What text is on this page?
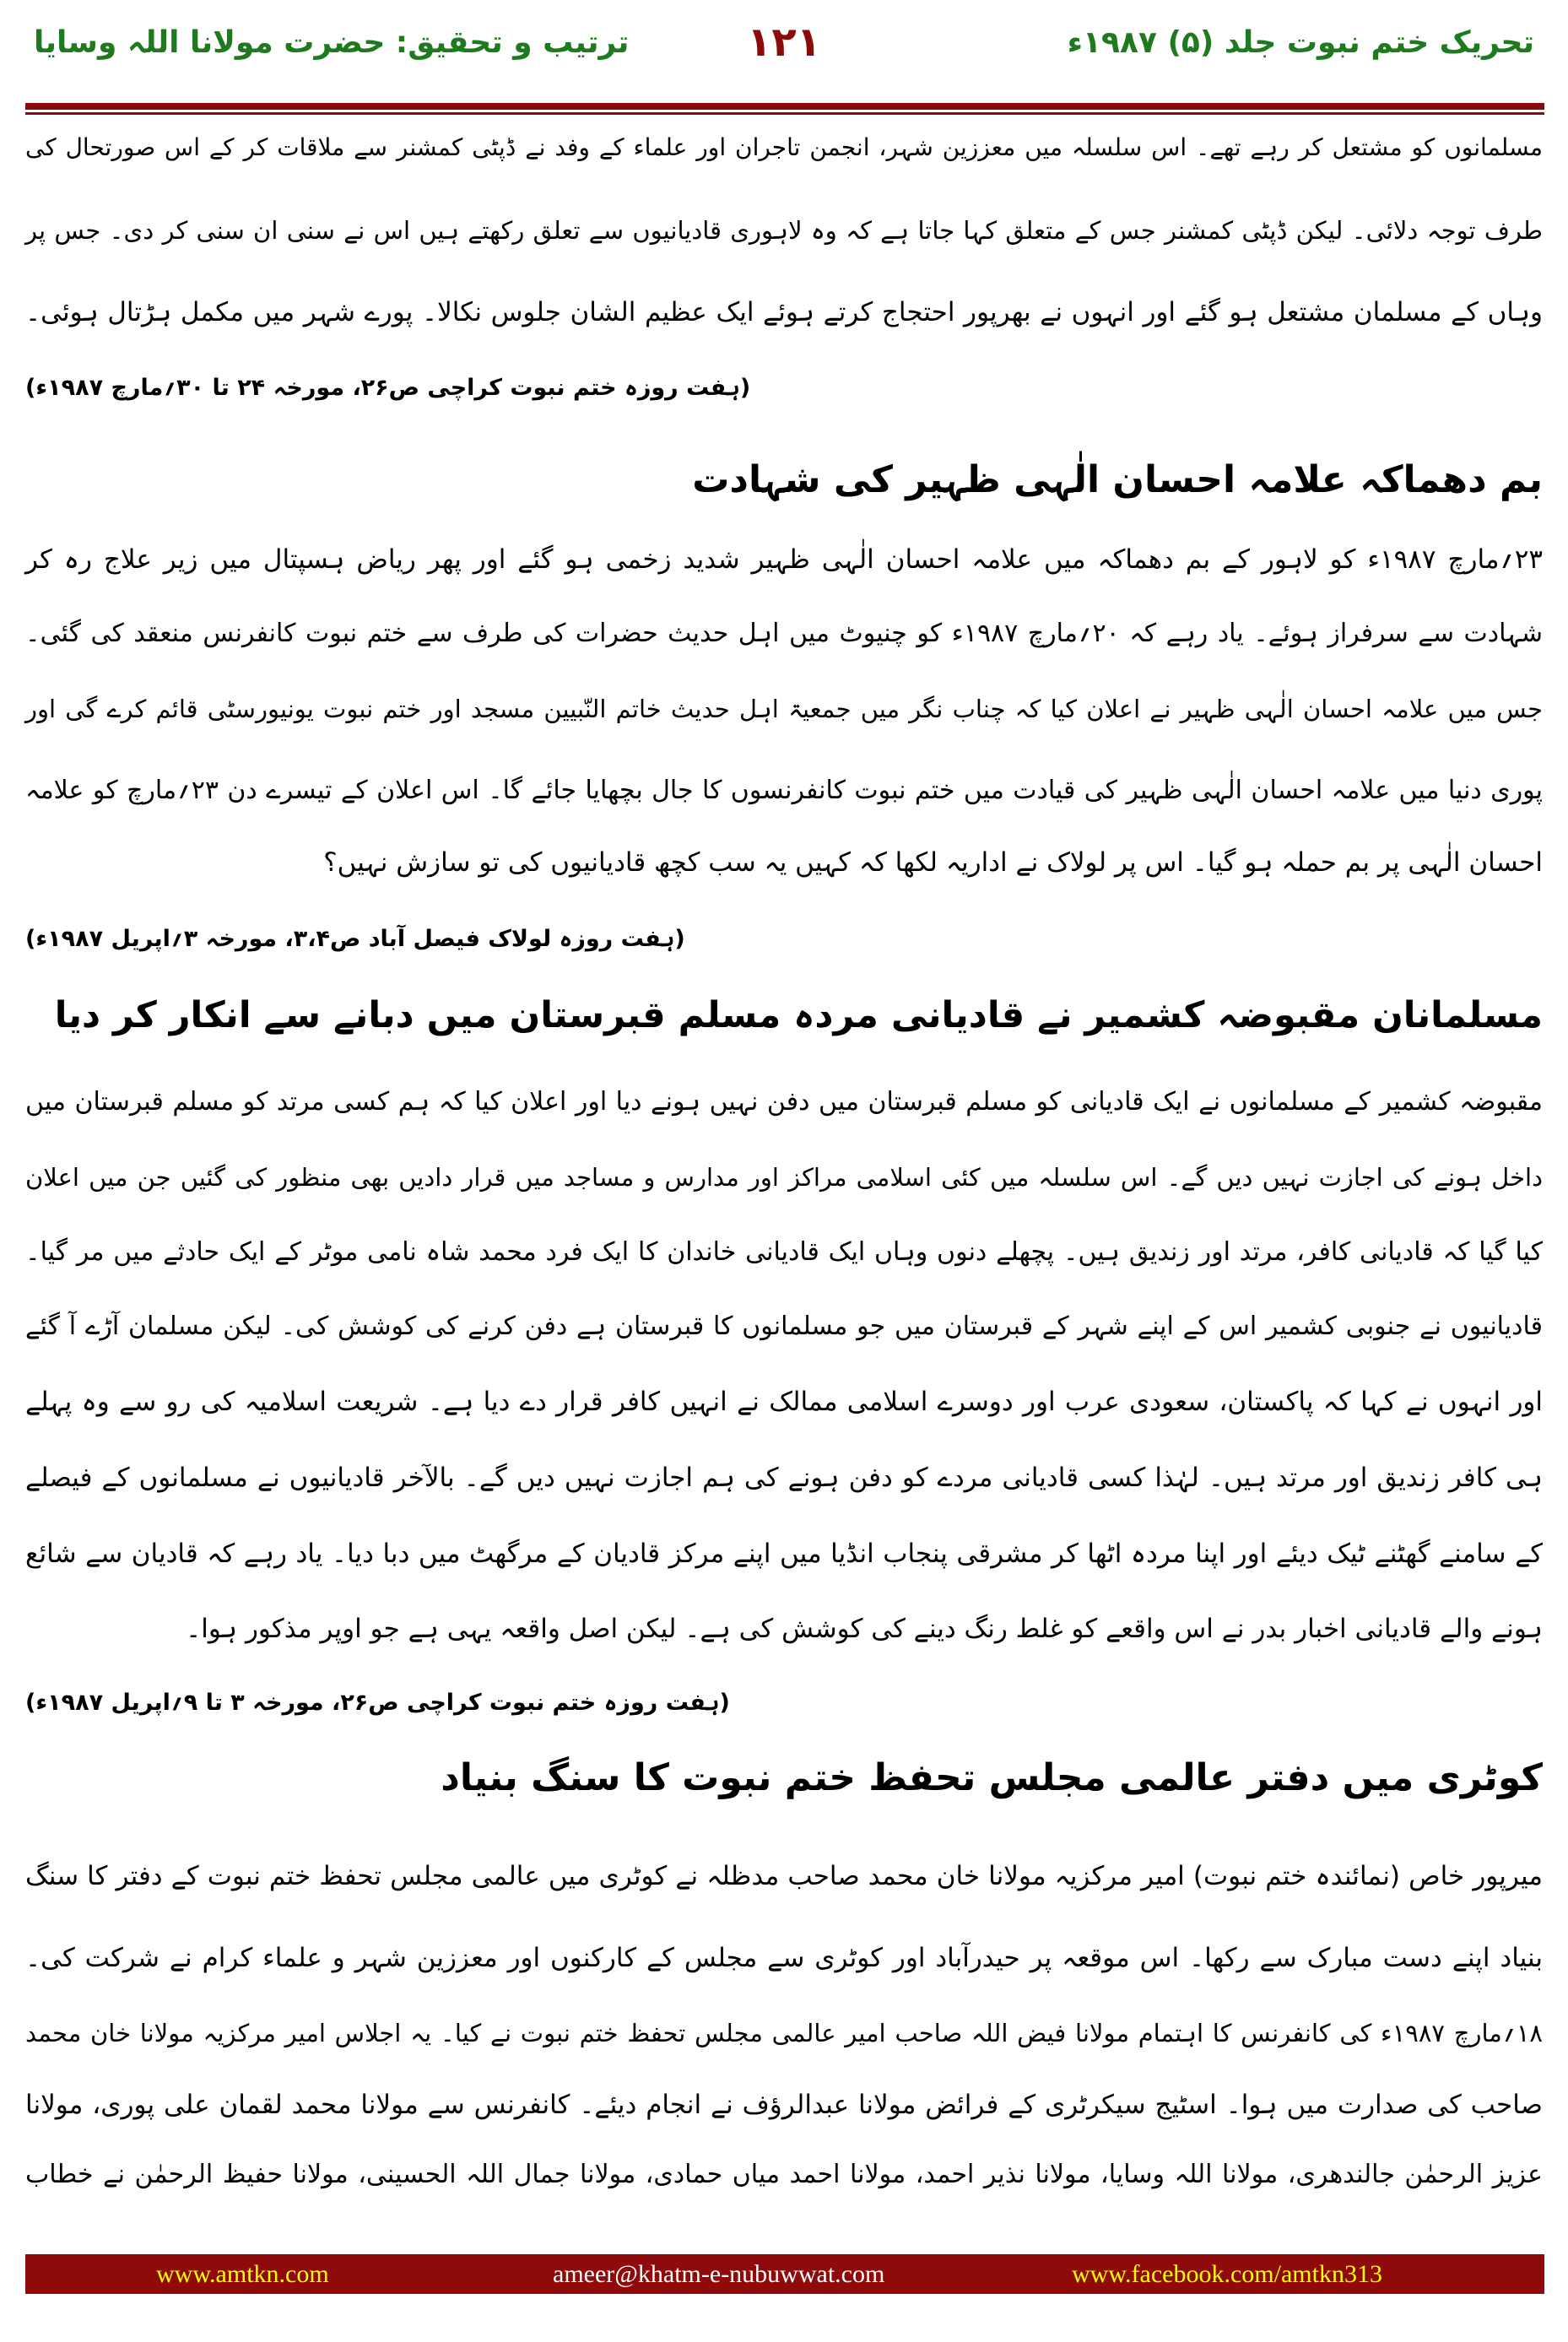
تحریک ختم نبوت جلد (۵) ۱۹۸۷ء
۱۲۱
ترتیب و تحقیق: حضرت مولانا اللہ وسایا
مسلمانوں کو مشتعل کر رہے تھے۔ اس سلسلہ میں معززین شہر، انجمن تاجران اور علماء کے وفد نے ڈپٹی کمشنر سے ملاقات کر کے اس صورتحال کی
طرف توجہ دلائی۔ لیکن ڈپٹی کمشنر جس کے متعلق کہا جاتا ہے کہ وہ لاہوری قادیانیوں سے تعلق رکھتے ہیں اس نے سنی ان سنی کر دی۔ جس پر
وہاں کے مسلمان مشتعل ہو گئے اور انہوں نے بھرپور احتجاج کرتے ہوئے ایک عظیم الشان جلوس نکالا۔ پورے شہر میں مکمل ہڑتال ہوئی۔
(ہفت روزہ ختم نبوت کراچی ص۲۶، مورخہ ۲۴ تا ۳۰؍مارچ ۱۹۸۷ء)
بم دھماکہ علامہ احسان الٰہی ظہیر کی شہادت
۲۳؍مارچ ۱۹۸۷ء کو لاہور کے بم دھماکہ میں علامہ احسان الٰہی ظہیر شدید زخمی ہو گئے اور پھر ریاض ہسپتال میں زیر علاج رہ کر
شہادت سے سرفراز ہوئے۔ یاد رہے کہ ۲۰؍مارچ ۱۹۸۷ء کو چنیوٹ میں اہل حدیث حضرات کی طرف سے ختم نبوت کانفرنس منعقد کی گئی۔
جس میں علامہ احسان الٰہی ظہیر نے اعلان کیا کہ چناب نگر میں جمعیۃ اہل حدیث خاتم النّبیین مسجد اور ختم نبوت یونیورسٹی قائم کرے گی اور
پوری دنیا میں علامہ احسان الٰہی ظہیر کی قیادت میں ختم نبوت کانفرنسوں کا جال بچھایا جائے گا۔ اس اعلان کے تیسرے دن ۲۳؍مارچ کو علامہ
احسان الٰہی پر بم حملہ ہو گیا۔ اس پر لولاک نے اداریہ لکھا کہ کہیں یہ سب کچھ قادیانیوں کی تو سازش نہیں؟
(ہفت روزہ لولاک فیصل آباد ص۳،۴، مورخہ ۳؍اپریل ۱۹۸۷ء)
مسلمانان مقبوضہ کشمیر نے قادیانی مردہ مسلم قبرستان میں دبانے سے انکار کر دیا
مقبوضہ کشمیر کے مسلمانوں نے ایک قادیانی کو مسلم قبرستان میں دفن نہیں ہونے دیا اور اعلان کیا کہ ہم کسی مرتد کو مسلم قبرستان میں
داخل ہونے کی اجازت نہیں دیں گے۔ اس سلسلہ میں کئی اسلامی مراکز اور مدارس و مساجد میں قرار دادیں بھی منظور کی گئیں جن میں اعلان
کیا گیا کہ قادیانی کافر، مرتد اور زندیق ہیں۔ پچھلے دنوں وہاں ایک قادیانی خاندان کا ایک فرد محمد شاہ نامی موٹر کے ایک حادثے میں مر گیا۔
قادیانیوں نے جنوبی کشمیر اس کے اپنے شہر کے قبرستان میں جو مسلمانوں کا قبرستان ہے دفن کرنے کی کوشش کی۔ لیکن مسلمان آڑے آ گئے
اور انہوں نے کہا کہ پاکستان، سعودی عرب اور دوسرے اسلامی ممالک نے انہیں کافر قرار دے دیا ہے۔ شریعت اسلامیہ کی رو سے وہ پہلے
ہی کافر زندیق اور مرتد ہیں۔ لہٰذا کسی قادیانی مردے کو دفن ہونے کی ہم اجازت نہیں دیں گے۔ بالآخر قادیانیوں نے مسلمانوں کے فیصلے
کے سامنے گھٹنے ٹیک دیئے اور اپنا مردہ اٹھا کر مشرقی پنجاب انڈیا میں اپنے مرکز قادیان کے مرگھٹ میں دبا دیا۔ یاد رہے کہ قادیان سے شائع
ہونے والے قادیانی اخبار بدر نے اس واقعے کو غلط رنگ دینے کی کوشش کی ہے۔ لیکن اصل واقعہ یہی ہے جو اوپر مذکور ہوا۔
(ہفت روزہ ختم نبوت کراچی ص۲۶، مورخہ ۳ تا ۹؍اپریل ۱۹۸۷ء)
کوٹری میں دفتر عالمی مجلس تحفظ ختم نبوت کا سنگ بنیاد
میرپور خاص (نمائندہ ختم نبوت) امیر مرکزیہ مولانا خان محمد صاحب مدظلہ نے کوٹری میں عالمی مجلس تحفظ ختم نبوت کے دفتر کا سنگ
بنیاد اپنے دست مبارک سے رکھا۔ اس موقعہ پر حیدرآباد اور کوٹری سے مجلس کے کارکنوں اور معززین شہر و علماء کرام نے شرکت کی۔
۱۸؍مارچ ۱۹۸۷ء کی کانفرنس کا اہتمام مولانا فیض اللہ صاحب امیر عالمی مجلس تحفظ ختم نبوت نے کیا۔ یہ اجلاس امیر مرکزیہ مولانا خان محمد
صاحب کی صدارت میں ہوا۔ اسٹیج سیکرٹری کے فرائض مولانا عبدالرؤف نے انجام دیئے۔ کانفرنس سے مولانا محمد لقمان علی پوری، مولانا
عزیز الرحمٰن جالندھری، مولانا اللہ وسایا، مولانا نذیر احمد، مولانا احمد میاں حمادی، مولانا جمال اللہ الحسینی، مولانا حفیظ الرحمٰن نے خطاب
www.amtkn.com	ameer@khatm-e-nubuwwat.com	www.facebook.com/amtkn313
